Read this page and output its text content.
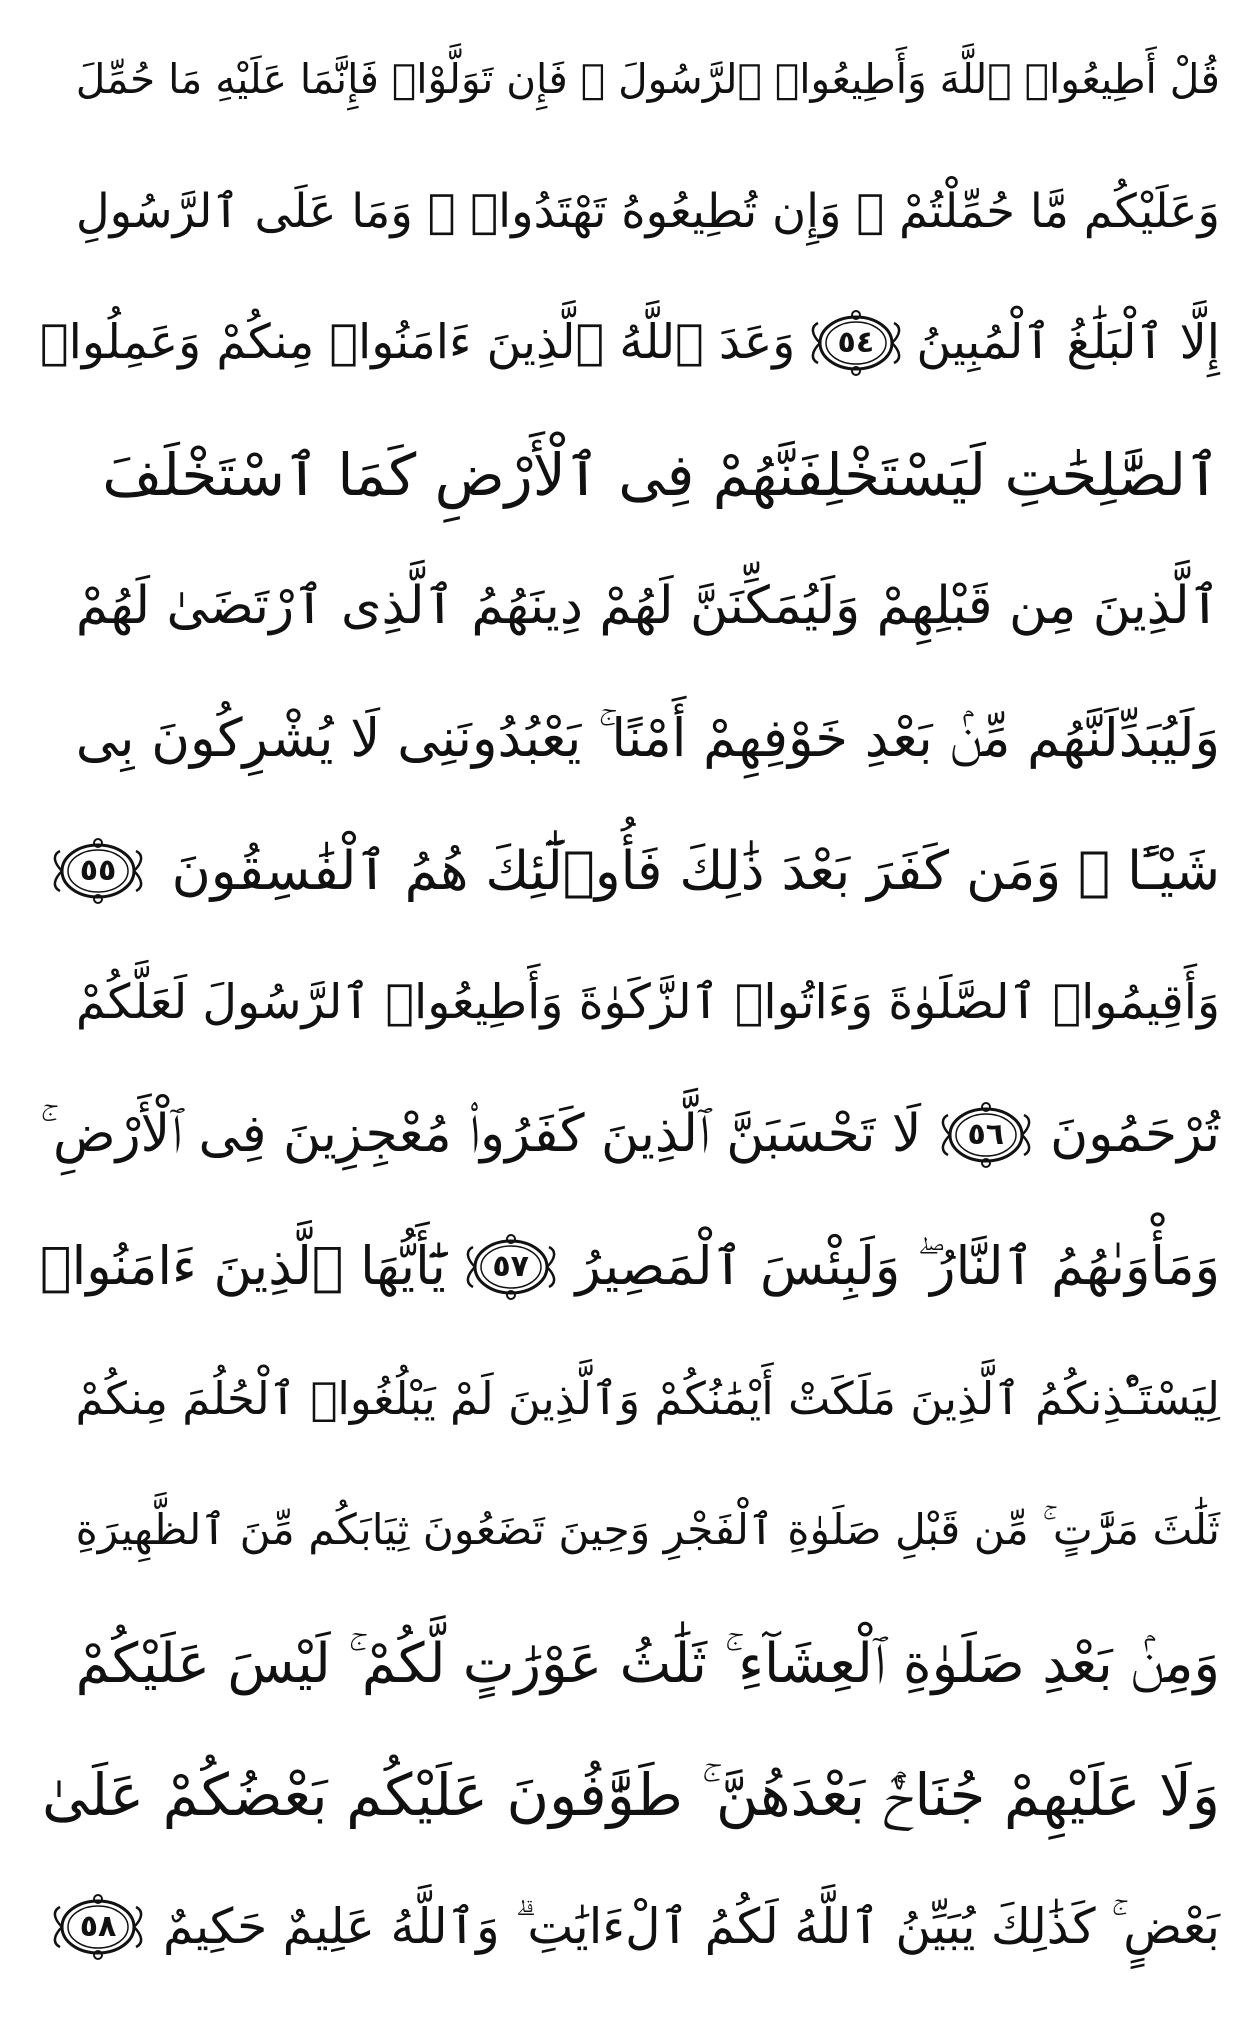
قُلْ أَطِيعُوا۟ ٱللَّهَ وَأَطِيعُوا۟ ٱلرَّسُولَ ۖ فَإِن تَوَلَّوْا۟ فَإِنَّمَا عَلَيْهِ مَا حُمِّلَ
وَعَلَيْكُم مَّا حُمِّلْتُمْ ۖ وَإِن تُطِيعُوهُ تَهْتَدُوا۟ ۚ وَمَا عَلَى ٱلرَّسُولِ
إِلَّا ٱلْبَلَٰغُ ٱلْمُبِينُ
٥٤
وَعَدَ ٱللَّهُ ٱلَّذِينَ ءَامَنُوا۟ مِنكُمْ وَعَمِلُوا۟
ٱلصَّٰلِحَٰتِ لَيَسْتَخْلِفَنَّهُمْ فِى ٱلْأَرْضِ كَمَا ٱسْتَخْلَفَ
ٱلَّذِينَ مِن قَبْلِهِمْ وَلَيُمَكِّنَنَّ لَهُمْ دِينَهُمُ ٱلَّذِى ٱرْتَضَىٰ لَهُمْ
وَلَيُبَدِّلَنَّهُم مِّنۢ بَعْدِ خَوْفِهِمْ أَمْنًا ۚ يَعْبُدُونَنِى لَا يُشْرِكُونَ بِى
شَيْـًٔا ۚ وَمَن كَفَرَ بَعْدَ ذَٰلِكَ فَأُو۟لَٰٓئِكَ هُمُ ٱلْفَٰسِقُونَ
٥٥
وَأَقِيمُوا۟ ٱلصَّلَوٰةَ وَءَاتُوا۟ ٱلزَّكَوٰةَ وَأَطِيعُوا۟ ٱلرَّسُولَ لَعَلَّكُمْ
تُرْحَمُونَ
٥٦
لَا تَحْسَبَنَّ ٱلَّذِينَ كَفَرُوا۟ مُعْجِزِينَ فِى ٱلْأَرْضِ ۚ
وَمَأْوَىٰهُمُ ٱلنَّارُ ۖ وَلَبِئْسَ ٱلْمَصِيرُ
٥٧
يَٰٓأَيُّهَا ٱلَّذِينَ ءَامَنُوا۟
لِيَسْتَـْٔذِنكُمُ ٱلَّذِينَ مَلَكَتْ أَيْمَٰنُكُمْ وَٱلَّذِينَ لَمْ يَبْلُغُوا۟ ٱلْحُلُمَ مِنكُمْ
ثَلَٰثَ مَرَّٰتٍ ۚ مِّن قَبْلِ صَلَوٰةِ ٱلْفَجْرِ وَحِينَ تَضَعُونَ ثِيَابَكُم مِّنَ ٱلظَّهِيرَةِ
وَمِنۢ بَعْدِ صَلَوٰةِ ٱلْعِشَآءِ ۚ ثَلَٰثُ عَوْرَٰتٍ لَّكُمْ ۚ لَيْسَ عَلَيْكُمْ
وَلَا عَلَيْهِمْ جُنَاحٌۢ بَعْدَهُنَّ ۚ طَوَّٰفُونَ عَلَيْكُم بَعْضُكُمْ عَلَىٰ
بَعْضٍ ۚ كَذَٰلِكَ يُبَيِّنُ ٱللَّهُ لَكُمُ ٱلْءَايَٰتِ ۗ وَٱللَّهُ عَلِيمٌ حَكِيمٌ
٥٨
